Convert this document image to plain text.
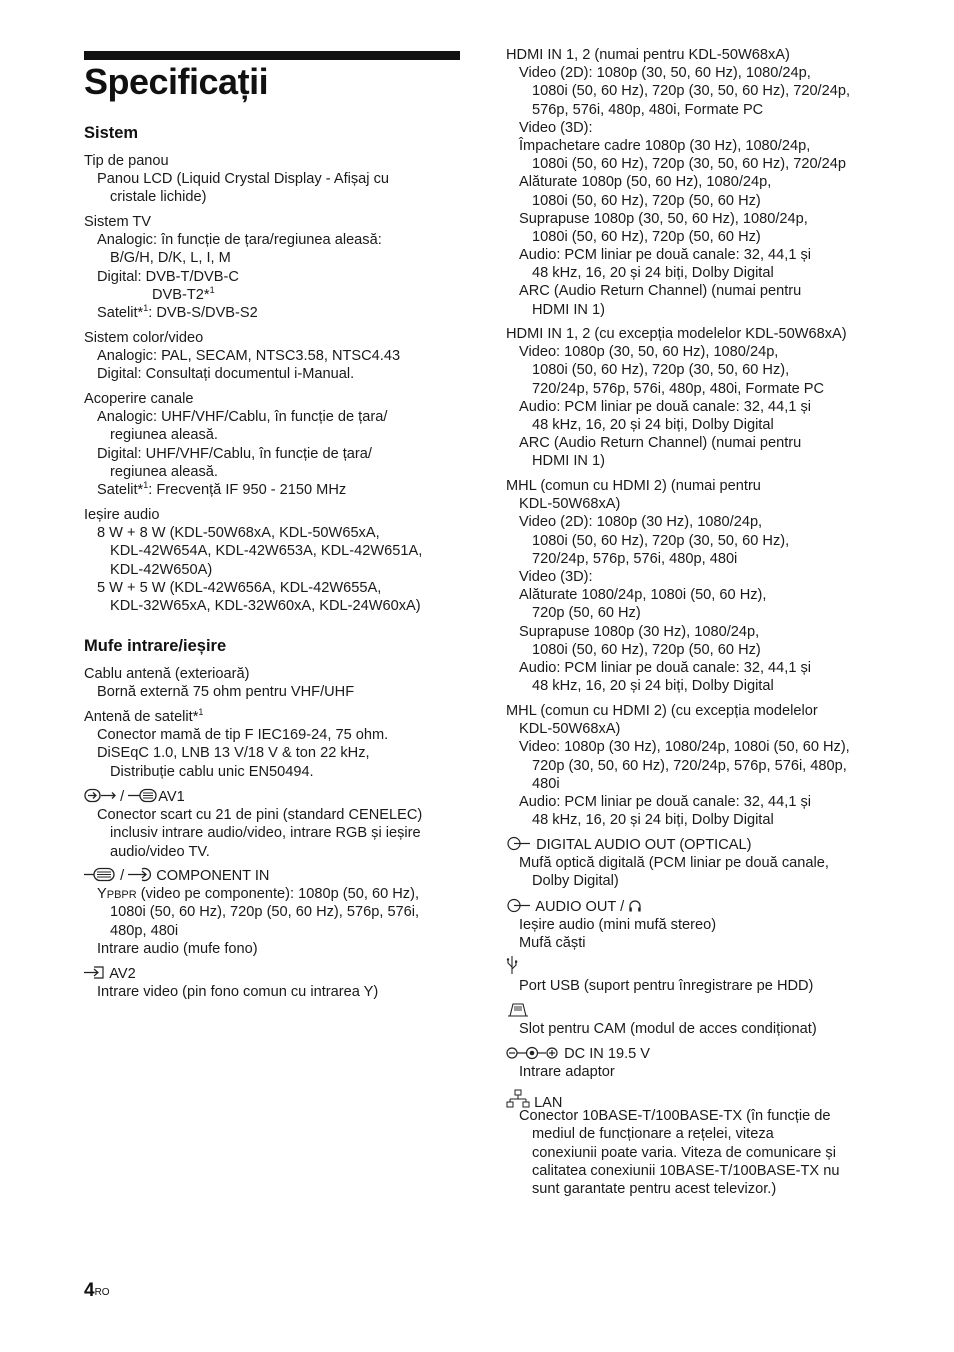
Specificații
Sistem
Tip de panou
Panou LCD (Liquid Crystal Display - Afișaj cu
cristale lichide)
Sistem TV
Analogic: în funcție de țara/regiunea aleasă:
B/G/H, D/K, L, I, M
Digital: DVB-T/DVB-C
DVB-T2*$^1$
Satelit*$^1$: DVB-S/DVB-S2
Sistem color/video
Analogic: PAL, SECAM, NTSC3.58, NTSC4.43
Digital: Consultați documentul i-Manual.
Acoperire canale
Analogic: UHF/VHF/Cablu, în funcție de țara/
regiunea aleasă.
Digital: UHF/VHF/Cablu, în funcție de țara/
regiunea aleasă.
Satelit*$^1$: Frecvență IF 950 - 2150 MHz
Ieșire audio
8 W + 8 W (KDL-50W68xA, KDL-50W65xA,
KDL-42W654A, KDL-42W653A, KDL-42W651A,
KDL-42W650A)
5 W + 5 W (KDL-42W656A, KDL-42W655A,
KDL-32W65xA, KDL-32W60xA, KDL-24W60xA)
Mufe intrare/ieșire
Cablu antenă (exterioară)
Bornă externă 75 ohm pentru VHF/UHF
Antenă de satelit*$^1$
Conector mamă de tip F IEC169-24, 75 ohm.
DiSEqC 1.0, LNB 13 V/18 V & ton 22 kHz,
Distribuție cablu unic EN50494.
/ AV1
Conector scart cu 21 de pini (standard CENELEC)
inclusiv intrare audio/video, intrare RGB și ieșire
audio/video TV.
/ COMPONENT IN
YPBPR (video pe componente): 1080p (50, 60 Hz),
1080i (50, 60 Hz), 720p (50, 60 Hz), 576p, 576i,
480p, 480i
Intrare audio (mufe fono)
AV2
Intrare video (pin fono comun cu intrarea Y)
HDMI IN 1, 2 (numai pentru KDL-50W68xA)
Video (2D): 1080p (30, 50, 60 Hz), 1080/24p,
1080i (50, 60 Hz), 720p (30, 50, 60 Hz), 720/24p,
576p, 576i, 480p, 480i, Formate PC
Video (3D):
Împachetare cadre 1080p (30 Hz), 1080/24p,
1080i (50, 60 Hz), 720p (30, 50, 60 Hz), 720/24p
Alăturate 1080p (50, 60 Hz), 1080/24p,
1080i (50, 60 Hz), 720p (50, 60 Hz)
Suprapuse 1080p (30, 50, 60 Hz), 1080/24p,
1080i (50, 60 Hz), 720p (50, 60 Hz)
Audio: PCM liniar pe două canale: 32, 44,1 și
48 kHz, 16, 20 și 24 biți, Dolby Digital
ARC (Audio Return Channel) (numai pentru
HDMI IN 1)
HDMI IN 1, 2 (cu excepția modelelor KDL-50W68xA)
Video: 1080p (30, 50, 60 Hz), 1080/24p,
1080i (50, 60 Hz), 720p (30, 50, 60 Hz),
720/24p, 576p, 576i, 480p, 480i, Formate PC
Audio: PCM liniar pe două canale: 32, 44,1 și
48 kHz, 16, 20 și 24 biți, Dolby Digital
ARC (Audio Return Channel) (numai pentru
HDMI IN 1)
MHL (comun cu HDMI 2) (numai pentru
KDL-50W68xA)
Video (2D): 1080p (30 Hz), 1080/24p,
1080i (50, 60 Hz), 720p (30, 50, 60 Hz),
720/24p, 576p, 576i, 480p, 480i
Video (3D):
Alăturate 1080/24p, 1080i (50, 60 Hz),
720p (50, 60 Hz)
Suprapuse 1080p (30 Hz), 1080/24p,
1080i (50, 60 Hz), 720p (50, 60 Hz)
Audio: PCM liniar pe două canale: 32, 44,1 și
48 kHz, 16, 20 și 24 biți, Dolby Digital
MHL (comun cu HDMI 2) (cu excepția modelelor
KDL-50W68xA)
Video: 1080p (30 Hz), 1080/24p, 1080i (50, 60 Hz),
720p (30, 50, 60 Hz), 720/24p, 576p, 576i, 480p,
480i
Audio: PCM liniar pe două canale: 32, 44,1 și
48 kHz, 16, 20 și 24 biți, Dolby Digital
DIGITAL AUDIO OUT (OPTICAL)
Mufă optică digitală (PCM liniar pe două canale,
Dolby Digital)
AUDIO OUT /
Ieșire audio (mini mufă stereo)
Mufă căști
Port USB (suport pentru înregistrare pe HDD)
Slot pentru CAM (modul de acces condiționat)
DC IN 19.5 V
Intrare adaptor
LAN
Conector 10BASE-T/100BASE-TX (în funcție de
mediul de funcționare a rețelei, viteza
conexiunii poate varia. Viteza de comunicare și
calitatea conexiunii 10BASE-T/100BASE-TX nu
sunt garantate pentru acest televizor.)
$4^{RO}$
